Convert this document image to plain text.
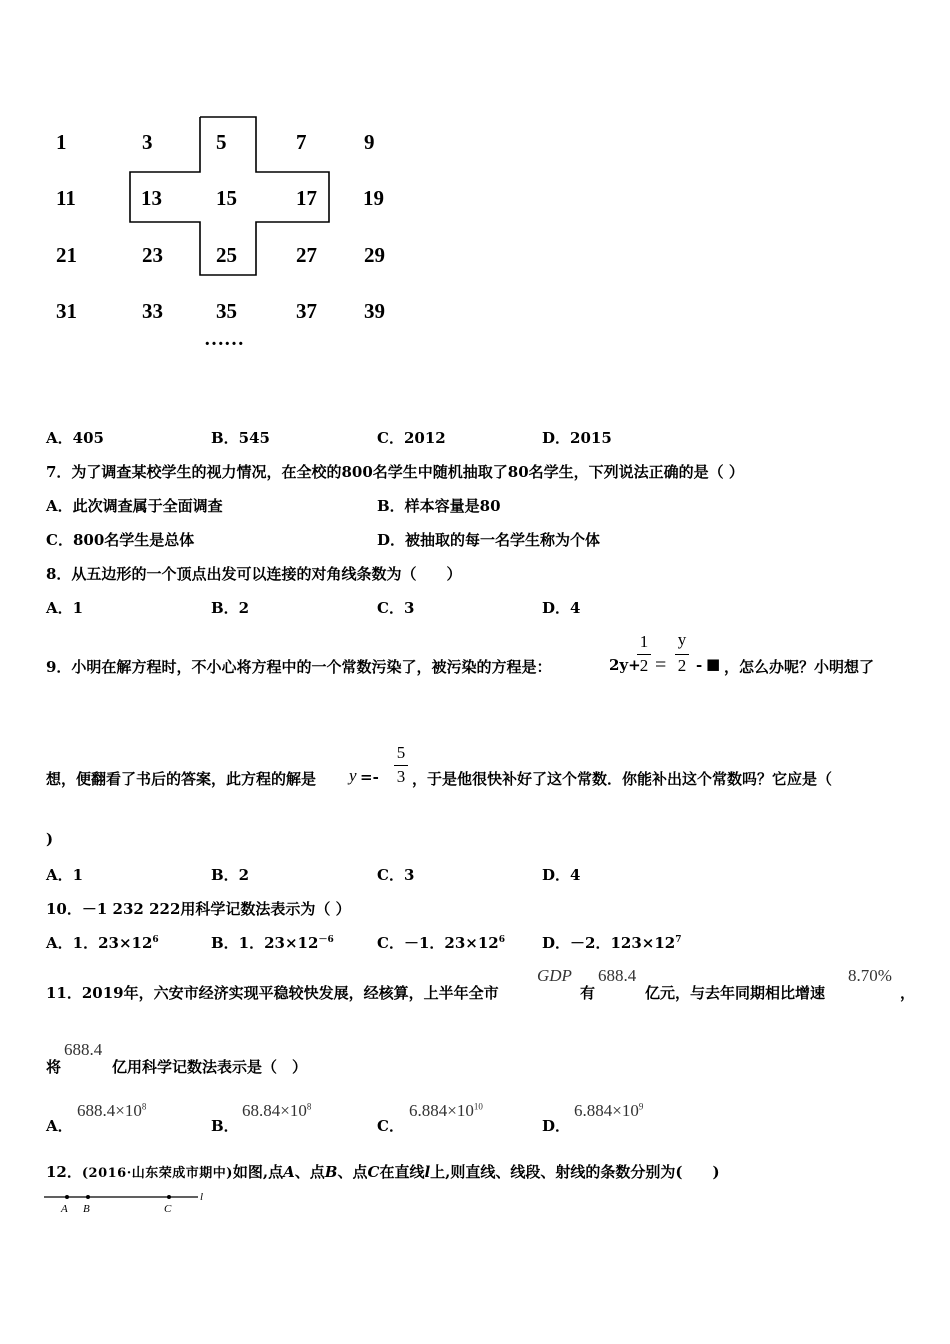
1	3	5	7	9
11	13	15	17 19
21	23	25	27 29
31	33	35	37 39
……
A．405	B．545	C．2012	D．2015
7．为了调查某校学生的视力情况，在全校的800名学生中随机抽取了80名学生，下列说法正确的是（ ）
A．此次调查属于全面调查	B．样本容量是80
C．800名学生是总体	D．被抽取的每一名学生称为个体
8．从五边形的一个顶点出发可以连接的对角线条数为（　　）
A．1	B．2	C．3	D．4
9．小明在解方程时，不小心将方程中的一个常数污染了，被污染的方程是：	2y+
1
2 =
y
2 - ■ ，怎么办呢？小明想了
想，便翻看了书后的答案，此方程的解是 y =-
5
3 ，于是他很快补好了这个常数．你能补出这个常数吗？它应是（
)
A．1	B．2	C．3	D．4
10．－1 232 222用科学记数法表示为（ ）
A．1．$23\times 12^6$	B．1．$23\times 12^{-6}$	C．－1．$23\times 12^6$ D．－2．$123\times 12^7$
11．2019年，六安市经济实现平稳较快发展，经核算，上半年全市
GDP
有
688.4
亿元，与去年同期相比增速
8.70%
，
将
688.4
亿用科学记数法表示是（　）
A．
$688.4\times 10^8$
B．
$68.84\times 10^8$
C．
$6.884\times 10^{10}$
D．
$6.884\times 10^9$
12．(2016·山东荣成市期中)如图,点A、点B、点C在直线l上,则直线、线段、射线的条数分别为(　　)
A B	C
l
